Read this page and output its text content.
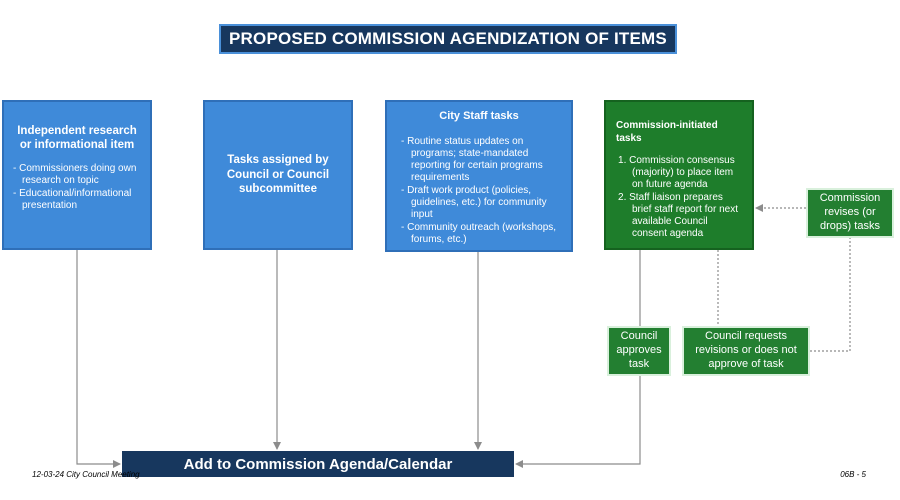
PROPOSED COMMISSION AGENDIZATION OF ITEMS
Independent research or informational item
- Commissioners doing own research on topic
- Educational/informational presentation
Tasks assigned by Council or Council subcommittee
City Staff tasks
- Routine status updates on programs; state-mandated reporting for certain programs requirements
- Draft work product (policies, guidelines, etc.) for community input
- Community outreach (workshops, forums, etc.)
Commission-initiated tasks
Commission consensus (majority) to place item on future agenda
Staff liaison prepares brief staff report for next available Council consent agenda
Commission revises (or drops) tasks
Council approves task
Council requests revisions or does not approve of task
Add to Commission Agenda/Calendar
12-03-24 City Council Meeting	06B - 5
